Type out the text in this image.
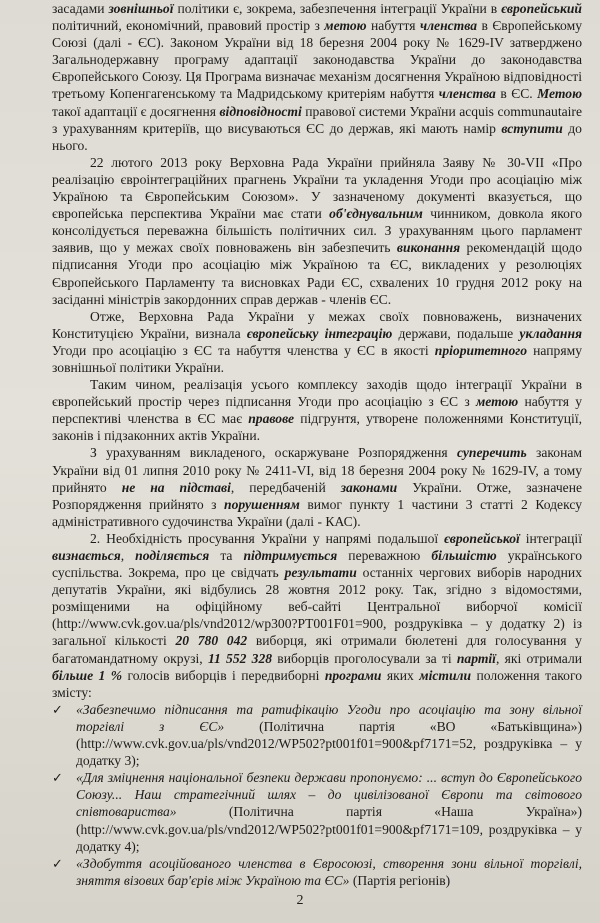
засадами зовнішньої політики є, зокрема, забезпечення інтеграції України в європейський політичний, економічний, правовий простір з метою набуття членства в Європейському Союзі (далі - ЄС). Законом України від 18 березня 2004 року № 1629-IV затверджено Загальнодержавну програму адаптації законодавства України до законодавства Європейського Союзу. Ця Програма визначає механізм досягнення Україною відповідності третьому Копенгагенському та Мадридському критеріям набуття членства в ЄС. Метою такої адаптації є досягнення відповідності правової системи України acquis communautaire з урахуванням критеріїв, що висуваються ЄС до держав, які мають намір вступити до нього.

22 лютого 2013 року Верховна Рада України прийняла Заяву № 30-VII «Про реалізацію євроінтеграційних прагнень України та укладення Угоди про асоціацію між Україною та Європейським Союзом». У зазначеному документі вказується, що європейська перспектива України має стати об'єднувальним чинником, довкола якого консолідується переважна більшість політичних сил. З урахуванням цього парламент заявив, що у межах своїх повноважень він забезпечить виконання рекомендацій щодо підписання Угоди про асоціацію між Україною та ЄС, викладених у резолюціях Європейського Парламенту та висновках Ради ЄС, схвалених 10 грудня 2012 року на засіданні міністрів закордонних справ держав - членів ЄС.

Отже, Верховна Рада України у межах своїх повноважень, визначених Конституцією України, визнала європейську інтеграцію держави, подальше укладання Угоди про асоціацію з ЄС та набуття членства у ЄС в якості пріоритетного напряму зовнішньої політики України.

Таким чином, реалізація усього комплексу заходів щодо інтеграції України в європейський простір через підписання Угоди про асоціацію з ЄС з метою набуття у перспективі членства в ЄС має правове підгрунтя, утворене положеннями Конституції, законів і підзаконних актів України.

З урахуванням викладеного, оскаржуване Розпорядження суперечить законам України від 01 липня 2010 року № 2411-VI, від 18 березня 2004 року № 1629-IV, а тому прийнято не на підставі, передбаченій законами України. Отже, зазначене Розпорядження прийнято з порушенням вимог пункту 1 частини 3 статті 2 Кодексу адміністративного судочинства України (далі - КАС).

2. Необхідність просування України у напрямі подальшої європейської інтеграції визнається, поділяється та підтримується переважною більшістю українського суспільства. Зокрема, про це свідчать результати останніх чергових виборів народних депутатів України, які відбулись 28 жовтня 2012 року. Так, згідно з відомостями, розміщеними на офіційному веб-сайті Центральної виборчої комісії (http://www.cvk.gov.ua/pls/vnd2012/wp300?PT001F01=900, роздруківка – у додатку 2) із загальної кількості 20 780 042 виборця, які отримали бюлетені для голосування у багатомандатному окрузі, 11 552 328 виборців проголосували за ті партії, які отримали більше 1 % голосів виборців і передвиборні програми яких містили положення такого змісту:

✓ «Забезпечимо підписання та ратифікацію Угоди про асоціацію та зону вільної торгівлі з ЄС» (Політична партія «ВО «Батьківщина») (http://www.cvk.gov.ua/pls/vnd2012/WP502?pt001f01=900&pf7171=52, роздруківка – у додатку 3);

✓ «Для зміцнення національної безпеки держави пропонуємо: ... вступ до Європейського Союзу... Наш стратегічний шлях – до цивілізованої Європи та світового співтовариства» (Політична партія «Наша Україна») (http://www.cvk.gov.ua/pls/vnd2012/WP502?pt001f01=900&pf7171=109, роздруківка – у додатку 4);

✓ «Здобуття асоційованого членства в Євросоюзі, створення зони вільної торгівлі, зняття візових бар'єрів між Україною та ЄС» (Партія регіонів)

2
